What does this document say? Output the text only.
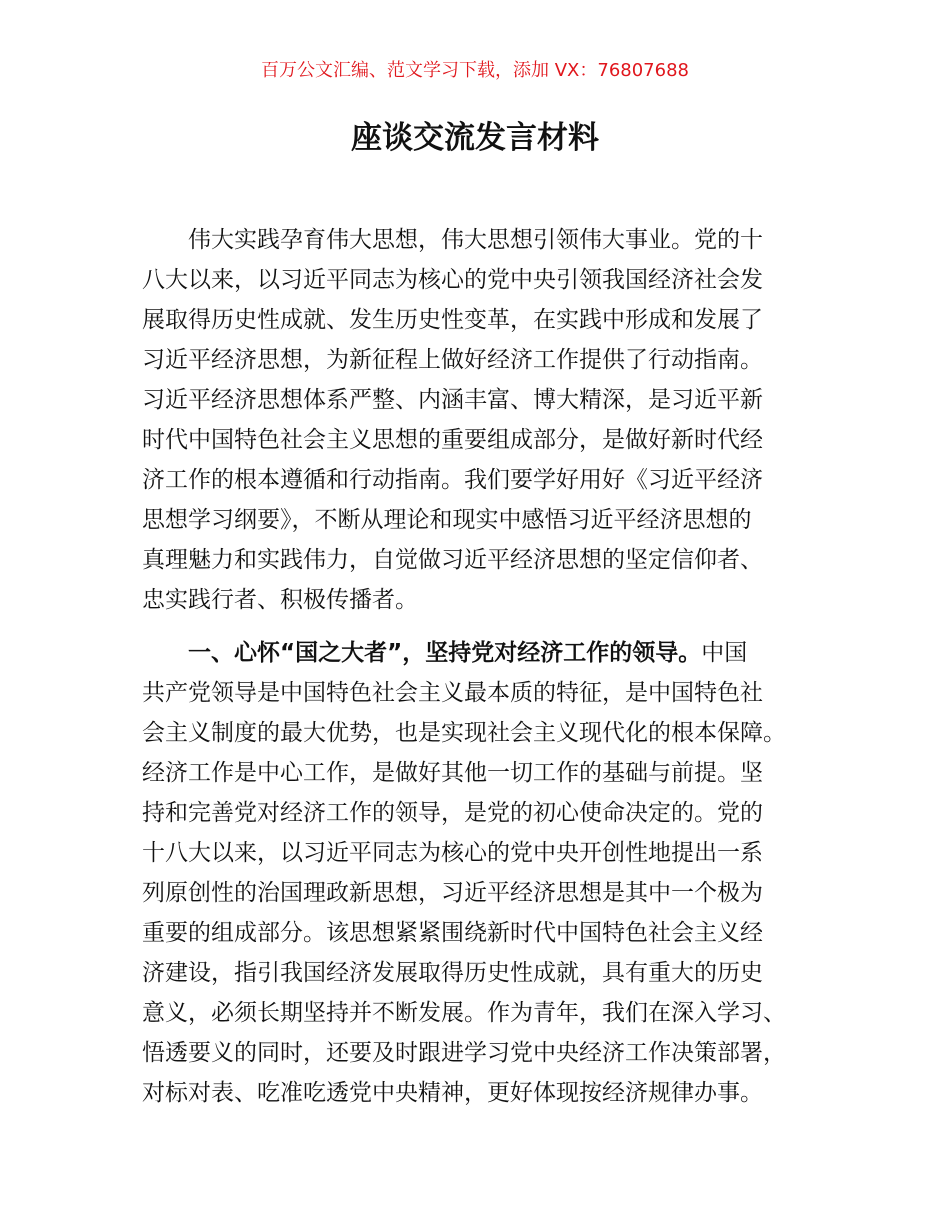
百万公文汇编、范文学习下载，添加 VX：76807688
座谈交流发言材料
伟大实践孕育伟大思想，伟大思想引领伟大事业。党的十
八大以来，以习近平同志为核心的党中央引领我国经济社会发
展取得历史性成就、发生历史性变革，在实践中形成和发展了
习近平经济思想，为新征程上做好经济工作提供了行动指南。
习近平经济思想体系严整、内涵丰富、博大精深，是习近平新
时代中国特色社会主义思想的重要组成部分，是做好新时代经
济工作的根本遵循和行动指南。我们要学好用好《习近平经济
思想学习纲要》，不断从理论和现实中感悟习近平经济思想的
真理魅力和实践伟力，自觉做习近平经济思想的坚定信仰者、
忠实践行者、积极传播者。
一、心怀“国之大者”，坚持党对经济工作的领导。中国
共产党领导是中国特色社会主义最本质的特征，是中国特色社
会主义制度的最大优势，也是实现社会主义现代化的根本保障。
经济工作是中心工作，是做好其他一切工作的基础与前提。坚
持和完善党对经济工作的领导，是党的初心使命决定的。党的
十八大以来，以习近平同志为核心的党中央开创性地提出一系
列原创性的治国理政新思想，习近平经济思想是其中一个极为
重要的组成部分。该思想紧紧围绕新时代中国特色社会主义经
济建设，指引我国经济发展取得历史性成就，具有重大的历史
意义，必须长期坚持并不断发展。作为青年，我们在深入学习、
悟透要义的同时，还要及时跟进学习党中央经济工作决策部署，
对标对表、吃准吃透党中央精神，更好体现按经济规律办事。
